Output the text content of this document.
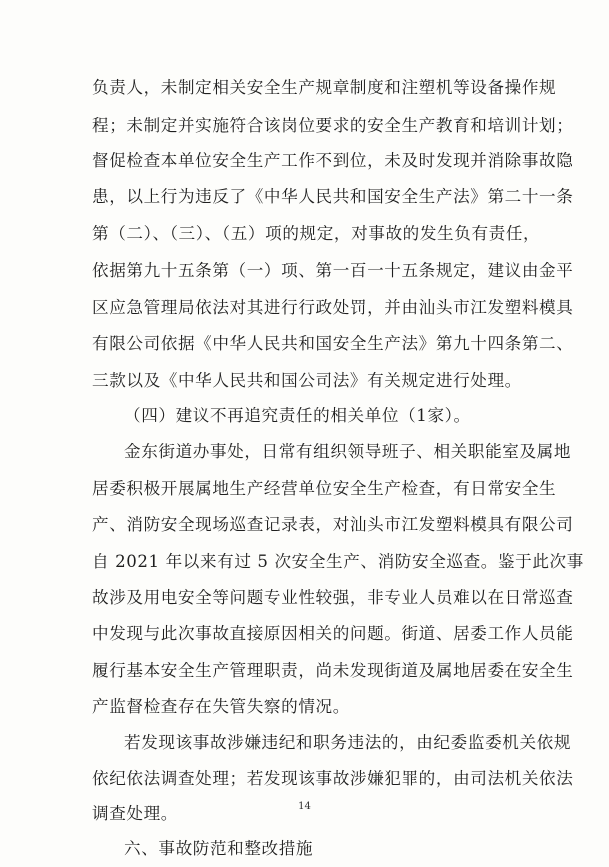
负责人，未制定相关安全生产规章制度和注塑机等设备操作规
程；未制定并实施符合该岗位要求的安全生产教育和培训计划；
督促检查本单位安全生产工作不到位，未及时发现并消除事故隐
患，以上行为违反了《中华人民共和国安全生产法》第二十一条
第（二）、（三）、（五）项的规定，对事故的发生负有责任，
依据第九十五条第（一）项、第一百一十五条规定，建议由金平
区应急管理局依法对其进行行政处罚，并由汕头市江发塑料模具
有限公司依据《中华人民共和国安全生产法》第九十四条第二、
三款以及《中华人民共和国公司法》有关规定进行处理。
（四）建议不再追究责任的相关单位（1家）。
金东街道办事处，日常有组织领导班子、相关职能室及属地
居委积极开展属地生产经营单位安全生产检查，有日常安全生
产、消防安全现场巡查记录表，对汕头市江发塑料模具有限公司
自 2021 年以来有过 5 次安全生产、消防安全巡查。鉴于此次事
故涉及用电安全等问题专业性较强，非专业人员难以在日常巡查
中发现与此次事故直接原因相关的问题。街道、居委工作人员能
履行基本安全生产管理职责，尚未发现街道及属地居委在安全生
产监督检查存在失管失察的情况。
若发现该事故涉嫌违纪和职务违法的，由纪委监委机关依规
依纪依法调查处理；若发现该事故涉嫌犯罪的，由司法机关依法
调查处理。
六、事故防范和整改措施
14
